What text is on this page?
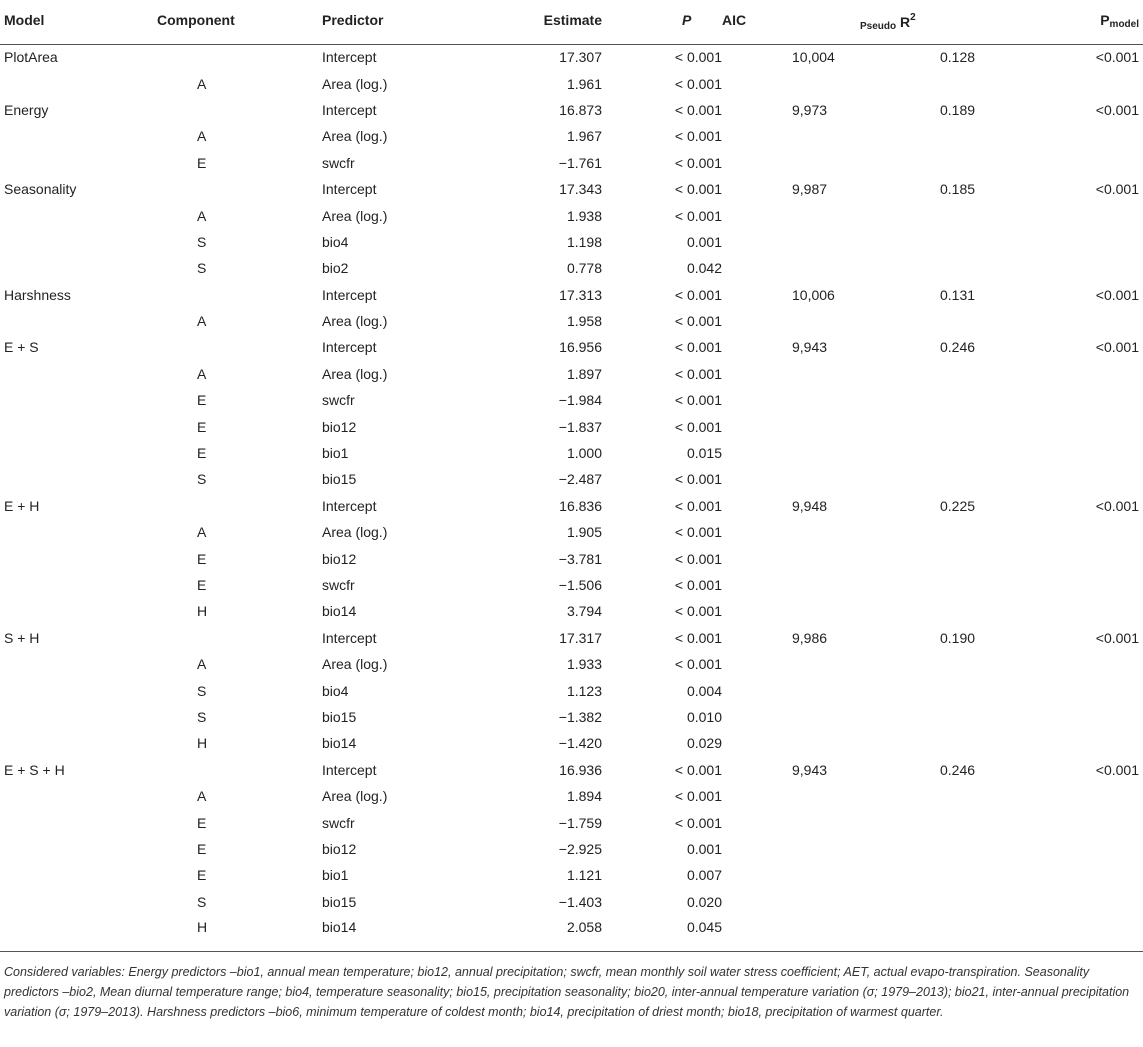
Model	Component	Predictor	Estimate	P	AIC	$_{Pseudo}$ $R^2$	$P_{model}$
PlotArea		Intercept	17.307	< 0.001	10,004	0.128	<0.001
	A	Area (log.)	1.961	< 0.001			
Energy		Intercept	16.873	< 0.001	9,973	0.189	<0.001
	A	Area (log.)	1.967	< 0.001			
	E	swcfr	−1.761	< 0.001			
Seasonality		Intercept	17.343	< 0.001	9,987	0.185	<0.001
	A	Area (log.)	1.938	< 0.001			
	S	bio4	1.198	0.001			
	S	bio2	0.778	0.042			
Harshness		Intercept	17.313	< 0.001	10,006	0.131	<0.001
	A	Area (log.)	1.958	< 0.001			
E + S		Intercept	16.956	< 0.001	9,943	0.246	<0.001
	A	Area (log.)	1.897	< 0.001			
	E	swcfr	−1.984	< 0.001			
	E	bio12	−1.837	< 0.001			
	E	bio1	1.000	0.015			
	S	bio15	−2.487	< 0.001			
E + H		Intercept	16.836	< 0.001	9,948	0.225	<0.001
	A	Area (log.)	1.905	< 0.001			
	E	bio12	−3.781	< 0.001			
	E	swcfr	−1.506	< 0.001			
	H	bio14	3.794	< 0.001			
S + H		Intercept	17.317	< 0.001	9,986	0.190	<0.001
	A	Area (log.)	1.933	< 0.001			
	S	bio4	1.123	0.004			
	S	bio15	−1.382	0.010			
	H	bio14	−1.420	0.029			
E + S + H		Intercept	16.936	< 0.001	9,943	0.246	<0.001
	A	Area (log.)	1.894	< 0.001			
	E	swcfr	−1.759	< 0.001			
	E	bio12	−2.925	0.001			
	E	bio1	1.121	0.007			
	S	bio15	−1.403	0.020			
	H	bio14	2.058	0.045			

Considered variables: Energy predictors –bio1, annual mean temperature; bio12, annual precipitation; swcfr, mean monthly soil water stress coefficient; AET, actual evapo-transpiration. Seasonality predictors –bio2, Mean diurnal temperature range; bio4, temperature seasonality; bio15, precipitation seasonality; bio20, inter-annual temperature variation (σ; 1979–2013); bio21, inter-annual precipitation variation (σ; 1979–2013). Harshness predictors –bio6, minimum temperature of coldest month; bio14, precipitation of driest month; bio18, precipitation of warmest quarter.
